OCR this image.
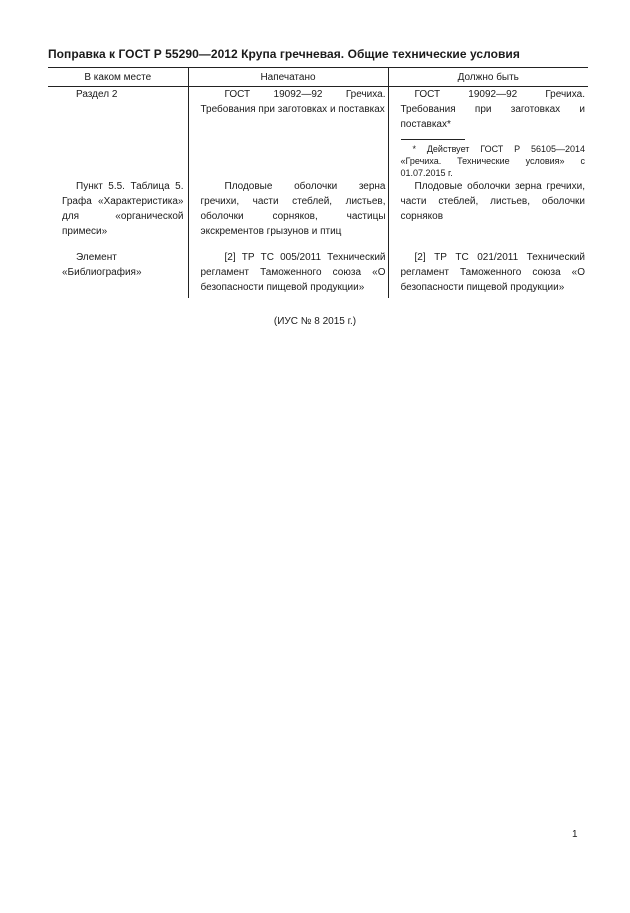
Поправка к ГОСТ Р 55290—2012 Крупа гречневая. Общие технические условия
В каком месте	Напечатано	Должно быть

Раздел 2	ГОСТ 19092—92 Гречиха. Требования при заготовках и поставках	ГОСТ 19092—92 Гречиха. Требования при заготовках и поставках*
* Действует ГОСТ Р 56105—2014 «Гречиха. Технические условия» с 01.07.2015 г.

Пункт 5.5. Таблица 5. Графа «Характеристика» для «органической примеси»	Плодовые оболочки зерна гречихи, части стеблей, листьев, оболочки сорняков, частицы экскрементов грызунов и птиц	Плодовые оболочки зерна гречихи, части стеблей, листьев, оболочки сорняков

Элемент «Библиография»	[2] ТР ТС 005/2011 Технический регламент Таможенного союза «О безопасности пищевой продукции»	[2] ТР ТС 021/2011 Технический регламент Таможенного союза «О безопасности пищевой продукции»
(ИУС № 8 2015 г.)
1
